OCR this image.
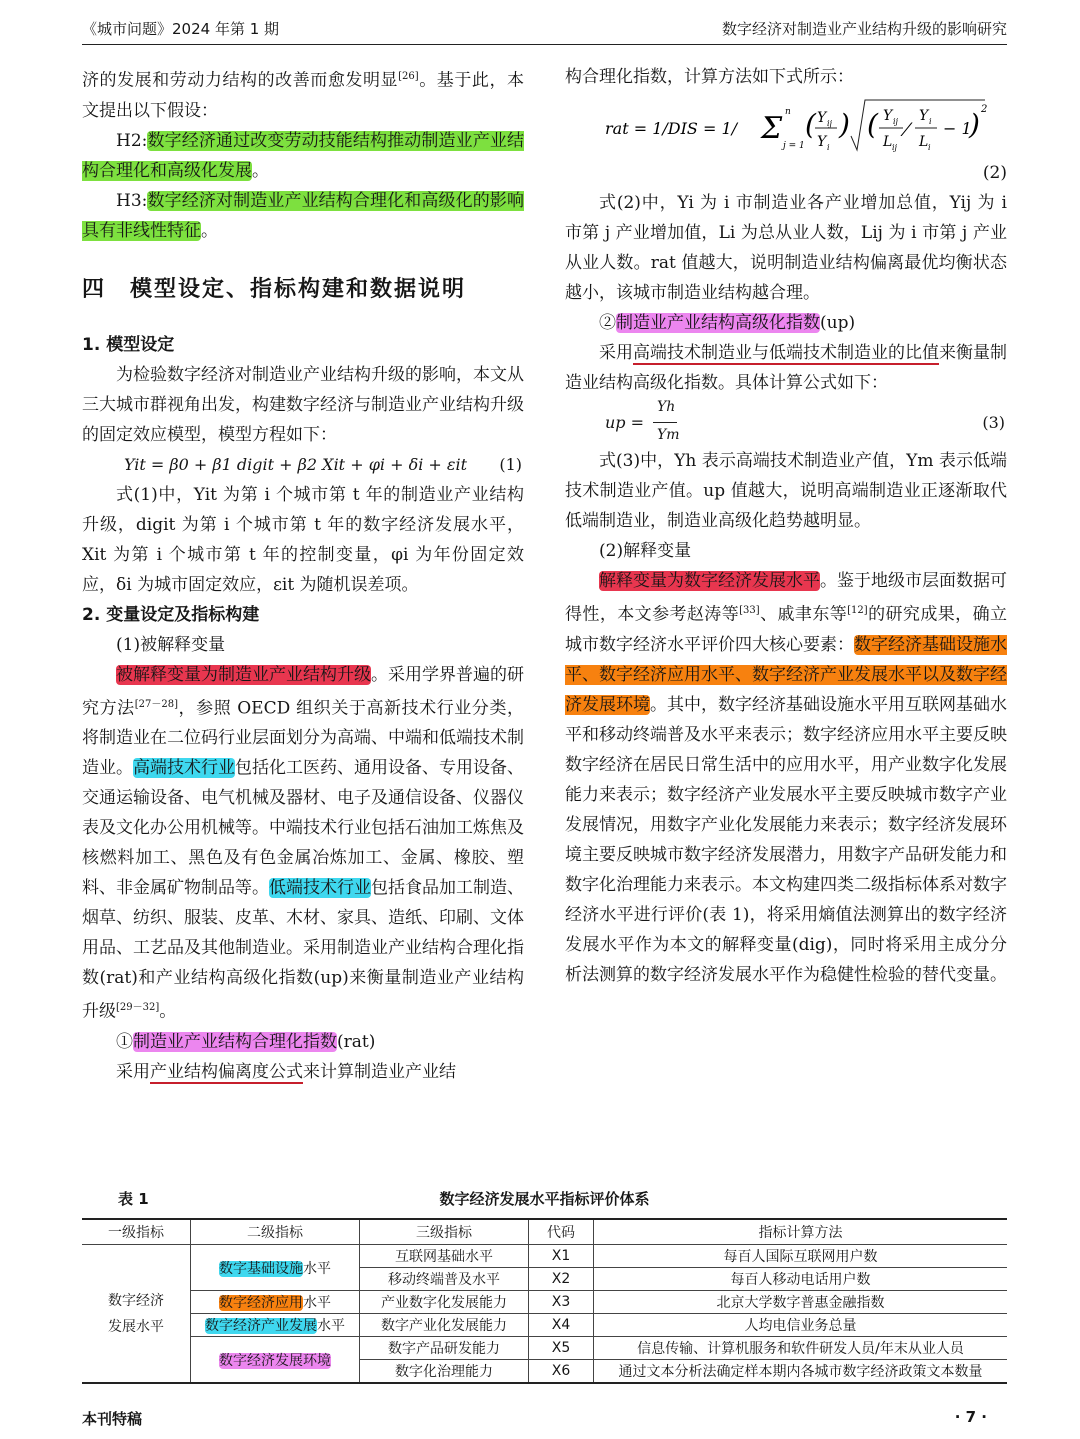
《城市问题》2024 年第 1 期	数字经济对制造业产业结构升级的影响研究

济的发展和劳动力结构的改善而愈发明显[26]。基于此，本文提出以下假设：

H2:数字经济通过改变劳动技能结构推动制造业产业结构合理化和高级化发展。

H3:数字经济对制造业产业结构合理化和高级化的影响具有非线性特征。

四　模型设定、指标构建和数据说明
1. 模型设定

为检验数字经济对制造业产业结构升级的影响，本文从三大城市群视角出发，构建数字经济与制造业产业结构升级的固定效应模型，模型方程如下：

Yit = β0 + β1 digit + β2 Xit + φi + δi + εit (1)

式(1)中，Yit 为第 i 个城市第 t 年的制造业产业结构升级，digit 为第 i 个城市第 t 年的数字经济发展水平，Xit 为第 i 个城市第 t 年的控制变量，φi 为年份固定效应，δi 为城市固定效应，εit 为随机误差项。

2. 变量设定及指标构建

(1)被解释变量

被解释变量为制造业产业结构升级。采用学界普遍的研究方法[27－28]，参照 OECD 组织关于高新技术行业分类，将制造业在二位码行业层面划分为高端、中端和低端技术制造业。高端技术行业包括化工医药、通用设备、专用设备、交通运输设备、电气机械及器材、电子及通信设备、仪器仪表及文化办公用机械等。中端技术行业包括石油加工炼焦及核燃料加工、黑色及有色金属冶炼加工、金属、橡胶、塑料、非金属矿物制品等。低端技术行业包括食品加工制造、烟草、纺织、服装、皮革、木材、家具、造纸、印刷、文体用品、工艺品及其他制造业。采用制造业产业结构合理化指数(rat)和产业结构高级化指数(up)来衡量制造业产业结构升级[29－32]。

①制造业产业结构合理化指数(rat)

采用产业结构偏离度公式来计算制造业产业结

构合理化指数，计算方法如下式所示：

rat = 1/DIS = 1/ Σ n
j = 1
( Y ij
Y i
) ( Y ij
L ij
⁄
Y i
L i
− 1
) 2
(2)

式(2)中，Yi 为 i 市制造业各产业增加总值，Yij 为 i 市第 j 产业增加值，Li 为总从业人数，Lij 为 i 市第 j 产业从业人数。rat 值越大，说明制造业结构偏离最优均衡状态越小，该城市制造业结构越合理。

②制造业产业结构高级化指数(up)

采用高端技术制造业与低端技术制造业的比值来衡量制造业结构高级化指数。具体计算公式如下：

up =
Yh
Ym
(3)

式(3)中，Yh 表示高端技术制造业产值，Ym 表示低端技术制造业产值。up 值越大，说明高端制造业正逐渐取代低端制造业，制造业高级化趋势越明显。

(2)解释变量

解释变量为数字经济发展水平。鉴于地级市层面数据可得性，本文参考赵涛等[33]、戚聿东等[12]的研究成果，确立城市数字经济水平评价四大核心要素：数字经济基础设施水平、数字经济应用水平、数字经济产业发展水平以及数字经济发展环境。其中，数字经济基础设施水平用互联网基础水平和移动终端普及水平来表示；数字经济应用水平主要反映数字经济在居民日常生活中的应用水平，用产业数字化发展能力来表示；数字经济产业发展水平主要反映城市数字产业发展情况，用数字产业化发展能力来表示；数字经济发展环境主要反映城市数字经济发展潜力，用数字产品研发能力和数字化治理能力来表示。本文构建四类二级指标体系对数字经济水平进行评价(表 1)，将采用熵值法测算出的数字经济发展水平作为本文的解释变量(dig)，同时将采用主成分分析法测算的数字经济发展水平作为稳健性检验的替代变量。

数字经济发展水平指标评价体系
表 1
一级指标	二级指标	三级指标	代码	指标计算方法

数字经济
发展水平	数字基础设施水平	互联网基础水平	X1	每百人国际互联网用户数
		移动终端普及水平	X2	每百人移动电话用户数
	数字经济应用水平	产业数字化发展能力	X3	北京大学数字普惠金融指数
	数字经济产业发展水平	数字产业化发展能力	X4	人均电信业务总量
	数字经济发展环境	数字产品研发能力	X5	信息传输、计算机服务和软件研发人员/年末从业人员
		数字化治理能力	X6	通过文本分析法确定样本期内各城市数字经济政策文本数量
本刊特稿	· 7 ·
